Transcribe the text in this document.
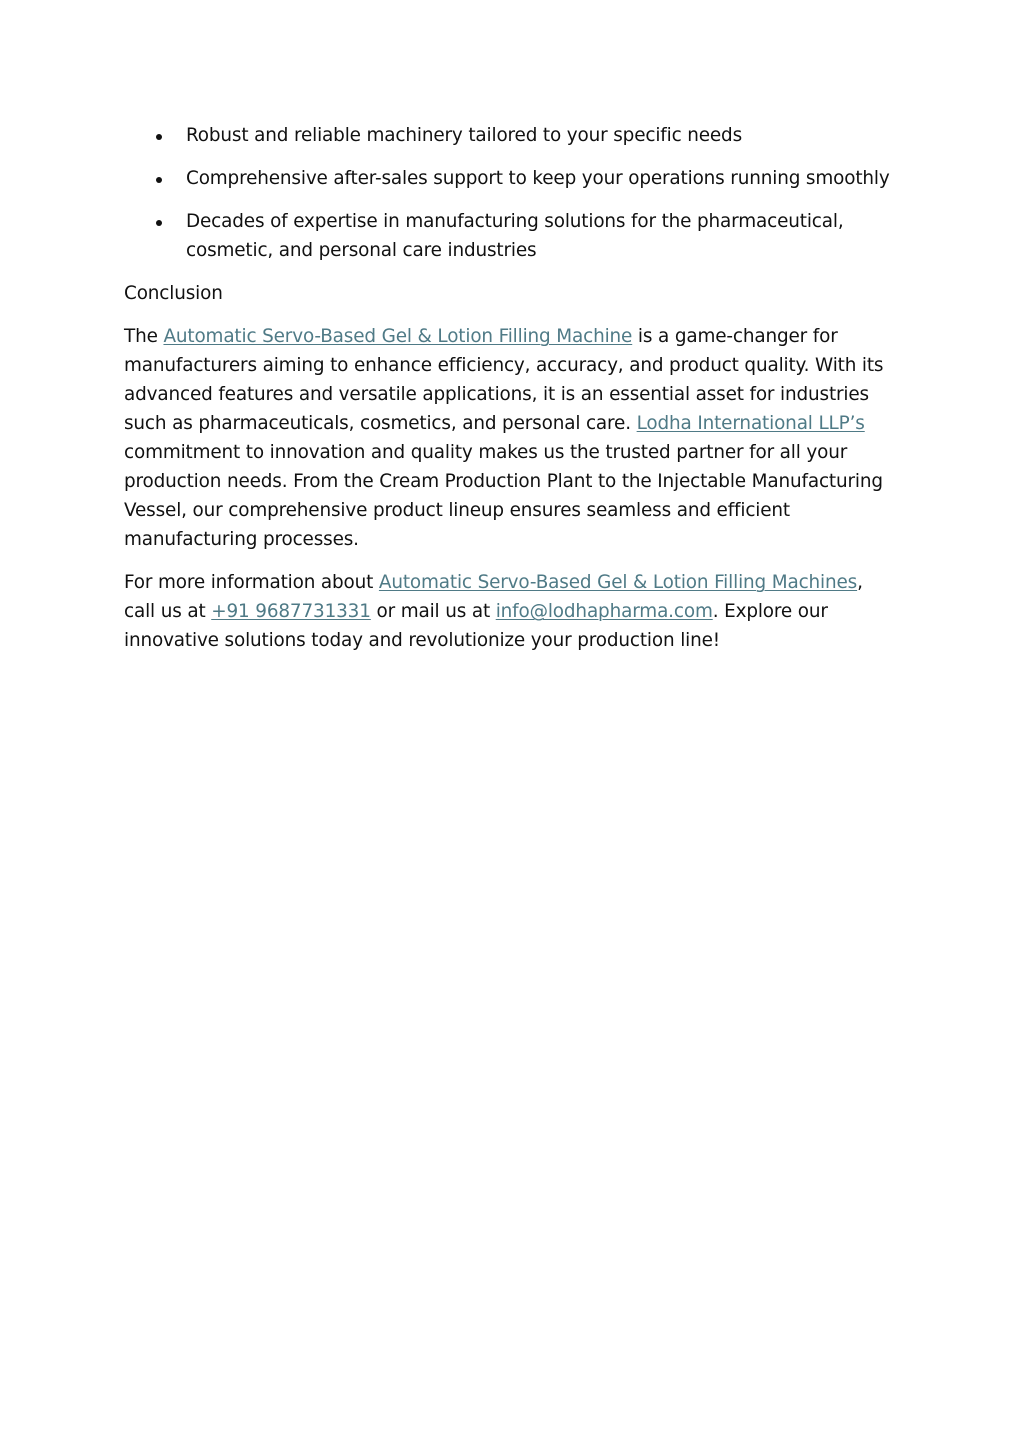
Robust and reliable machinery tailored to your specific needs
Comprehensive after-sales support to keep your operations running smoothly
Decades of expertise in manufacturing solutions for the pharmaceutical, cosmetic, and personal care industries

Conclusion

The Automatic Servo-Based Gel & Lotion Filling Machine is a game-changer for manufacturers aiming to enhance efficiency, accuracy, and product quality. With its advanced features and versatile applications, it is an essential asset for industries such as pharmaceuticals, cosmetics, and personal care. Lodha International LLP’s commitment to innovation and quality makes us the trusted partner for all your production needs. From the Cream Production Plant to the Injectable Manufacturing Vessel, our comprehensive product lineup ensures seamless and efficient manufacturing processes.

For more information about Automatic Servo-Based Gel & Lotion Filling Machines, call us at +91 9687731331 or mail us at info@lodhapharma.com. Explore our innovative solutions today and revolutionize your production line!
